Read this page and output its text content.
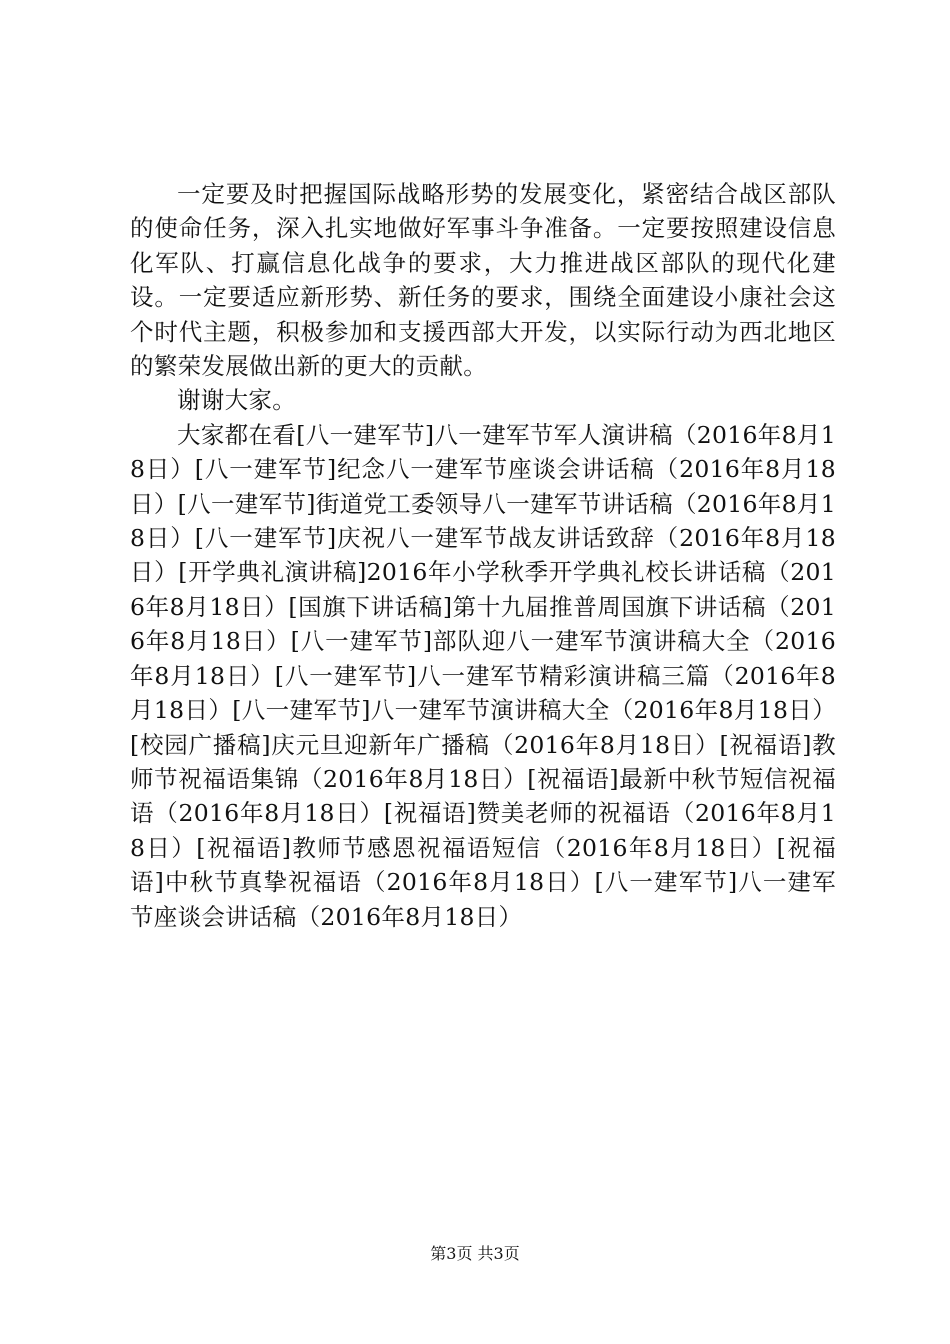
一定要及时把握国际战略形势的发展变化，紧密结合战区部队的使命任务，深入扎实地做好军事斗争准备。一定要按照建设信息化军队、打赢信息化战争的要求，大力推进战区部队的现代化建设。一定要适应新形势、新任务的要求，围绕全面建设小康社会这个时代主题，积极参加和支援西部大开发，以实际行动为西北地区的繁荣发展做出新的更大的贡献。

谢谢大家。

大家都在看[八一建军节]八一建军节军人演讲稿（2016年8月18日）[八一建军节]纪念八一建军节座谈会讲话稿（2016年8月18日）[八一建军节]街道党工委领导八一建军节讲话稿（2016年8月18日）[八一建军节]庆祝八一建军节战友讲话致辞（2016年8月18日）[开学典礼演讲稿]2016年小学秋季开学典礼校长讲话稿（2016年8月18日）[国旗下讲话稿]第十九届推普周国旗下讲话稿（2016年8月18日）[八一建军节]部队迎八一建军节演讲稿大全（2016年8月18日）[八一建军节]八一建军节精彩演讲稿三篇（2016年8月18日）[八一建军节]八一建军节演讲稿大全（2016年8月18日）[校园广播稿]庆元旦迎新年广播稿（2016年8月18日）[祝福语]教师节祝福语集锦（2016年8月18日）[祝福语]最新中秋节短信祝福语（2016年8月18日）[祝福语]赞美老师的祝福语（2016年8月18日）[祝福语]教师节感恩祝福语短信（2016年8月18日）[祝福语]中秋节真挚祝福语（2016年8月18日）[八一建军节]八一建军节座谈会讲话稿（2016年8月18日）

第3页 共3页
